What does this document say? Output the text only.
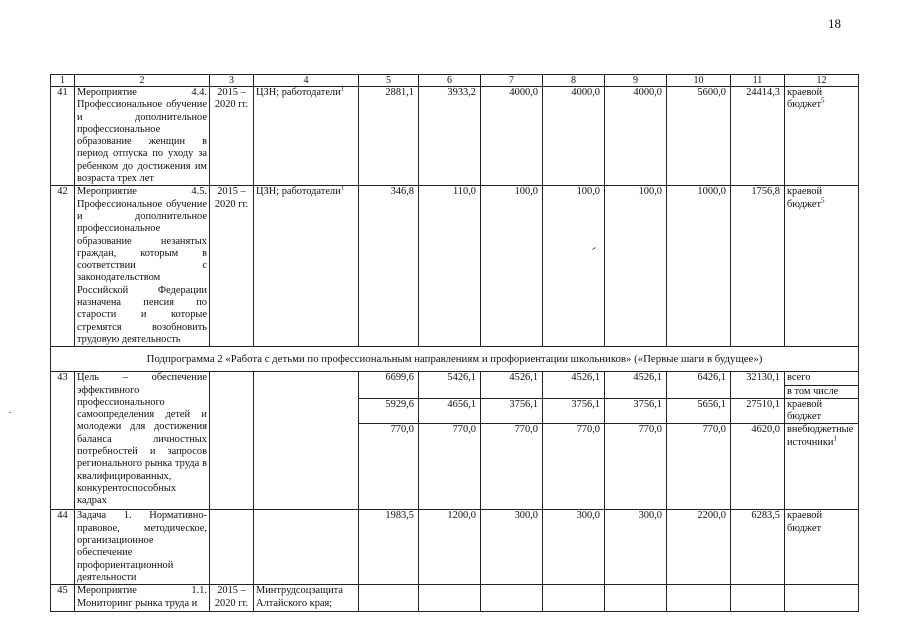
18
1	2	3	4	5	6	7	8	9	10	11	12
41	Мероприятие 4.4. Профессиональное обучение и дополнительное профессиональное образование женщин в период отпуска по уходу за ребенком до достижения им возраста трех лет	2015 – 2020 гг.	ЦЗН; работодатели$^1$	2881,1	3933,2	4000,0	4000,0	4000,0	5600,0	24414,3	краевой бюджет$^5$
42	Мероприятие 4.5. Профессиональное обучение и дополнительное профессиональное образование незанятых граждан, которым в соответствии с законодательством Российской Федерации назначена пенсия по старости и которые стремятся возобновить трудовую деятельность	2015 – 2020 гг.	ЦЗН; работодатели$^1$	346,8	110,0	100,0	100,0	100,0	1000,0	1756,8	краевой бюджет$^5$
Подпрограмма 2 «Работа с детьми по профессиональным направлениям и профориентации школьников» («Первые шаги в будущее»)											
43	Цель – обеспечение эффективного профессионального самоопределения детей и молодежи для достижения баланса личностных потребностей и запросов регионального рынка труда в квалифицированных, конкурентоспособных кадрах			6699,6	5426,1	4526,1	4526,1	4526,1	6426,1	32130,1	всего
											в том числе
				5929,6	4656,1	3756,1	3756,1	3756,1	5656,1	27510,1	краевой бюджет
				770,0	770,0	770,0	770,0	770,0	770,0	4620,0	внебюджетные источники$^1$
44	Задача 1. Нормативно-правовое, методическое, организационное обеспечение профориентационной деятельности			1983,5	1200,0	300,0	300,0	300,0	2200,0	6283,5	краевой бюджет
45	Мероприятие 1.1. Мониторинг рынка труда и	2015 – 2020 гг.	Минтрудсоцзащита Алтайского края;								
